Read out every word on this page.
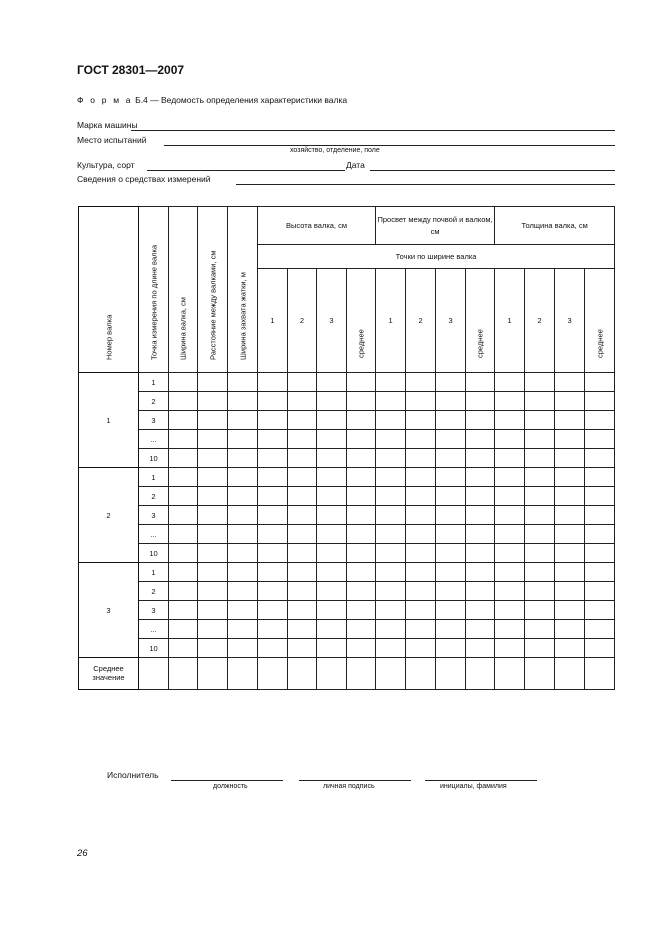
ГОСТ 28301—2007
Ф о р м а Б.4 — Ведомость определения характеристики валка
Марка машины
Место испытаний
хозяйство, отделение, поле
Культура, сорт	Дата
Сведения о средствах измерений
Номер валка	Точка измерения по длине валка	Ширина валка, см	Расстояние между валками, см	Ширина захвата жатки, м	Высота валка, см				Просвет между почвой и валком, см				Толщина валка, см			
					Точки по ширине валка											
					1	2	3	среднее	1	2	3	среднее	1	2	3	среднее

1	1															
	2															
	3															
	...															
	10															
2	1															
	2															
	3															
	...															
	10															
3	1															
	2															
	3															
	...															
	10															
Среднее значение																
Исполнитель
должность	личная подпись	инициалы, фамилия
26
